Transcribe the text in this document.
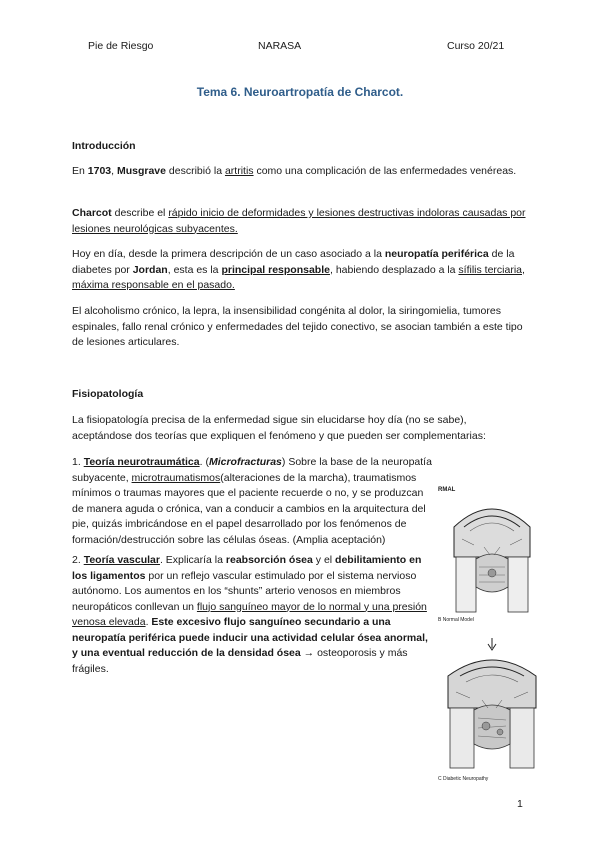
Pie de Riesgo	NARASA	Curso 20/21
Tema 6. Neuroartropatía de Charcot.
Introducción

En 1703, Musgrave describió la artritis como una complicación de las enfermedades venéreas.

Charcot describe el rápido inicio de deformidades y lesiones destructivas indoloras causadas por lesiones neurológicas subyacentes.

Hoy en día, desde la primera descripción de un caso asociado a la neuropatía periférica de la diabetes por Jordan, esta es la principal responsable, habiendo desplazado a la sífilis terciaria, máxima responsable en el pasado.

El alcoholismo crónico, la lepra, la insensibilidad congénita al dolor, la siringomielia, tumores espinales, fallo renal crónico y enfermedades del tejido conectivo, se asocian también a este tipo de lesiones articulares.

Fisiopatología

La fisiopatología precisa de la enfermedad sigue sin elucidarse hoy día (no se sabe), aceptándose dos teorías que expliquen el fenómeno y que pueden ser complementarias:

1. Teoría neurotraumática. (Microfracturas) Sobre la base de la neuropatía subyacente, microtraumatismos(alteraciones de la marcha), traumatismos mínimos o traumas mayores que el paciente recuerde o no, y se produzcan de manera aguda o crónica, van a conducir a cambios en la arquitectura del pie, quizás imbricándose en el papel desarrollado por los fenómenos de formación/destrucción sobre las células óseas. (Amplia aceptación)

2. Teoría vascular. Explicaría la reabsorción ósea y el debilitamiento en los ligamentos por un reflejo vascular estimulado por el sistema nervioso autónomo. Los aumentos en los “shunts” arterio venosos en miembros neuropáticos conllevan un flujo sanguíneo mayor de lo normal y una presión venosa elevada. Este excesivo flujo sanguíneo secundario a una neuropatía periférica puede inducir una actividad celular ósea anormal, y una eventual reducción de la densidad ósea → osteoporosis y más frágiles.

RMAL
B Normal Model
C Diabetic Neuropathy
1
